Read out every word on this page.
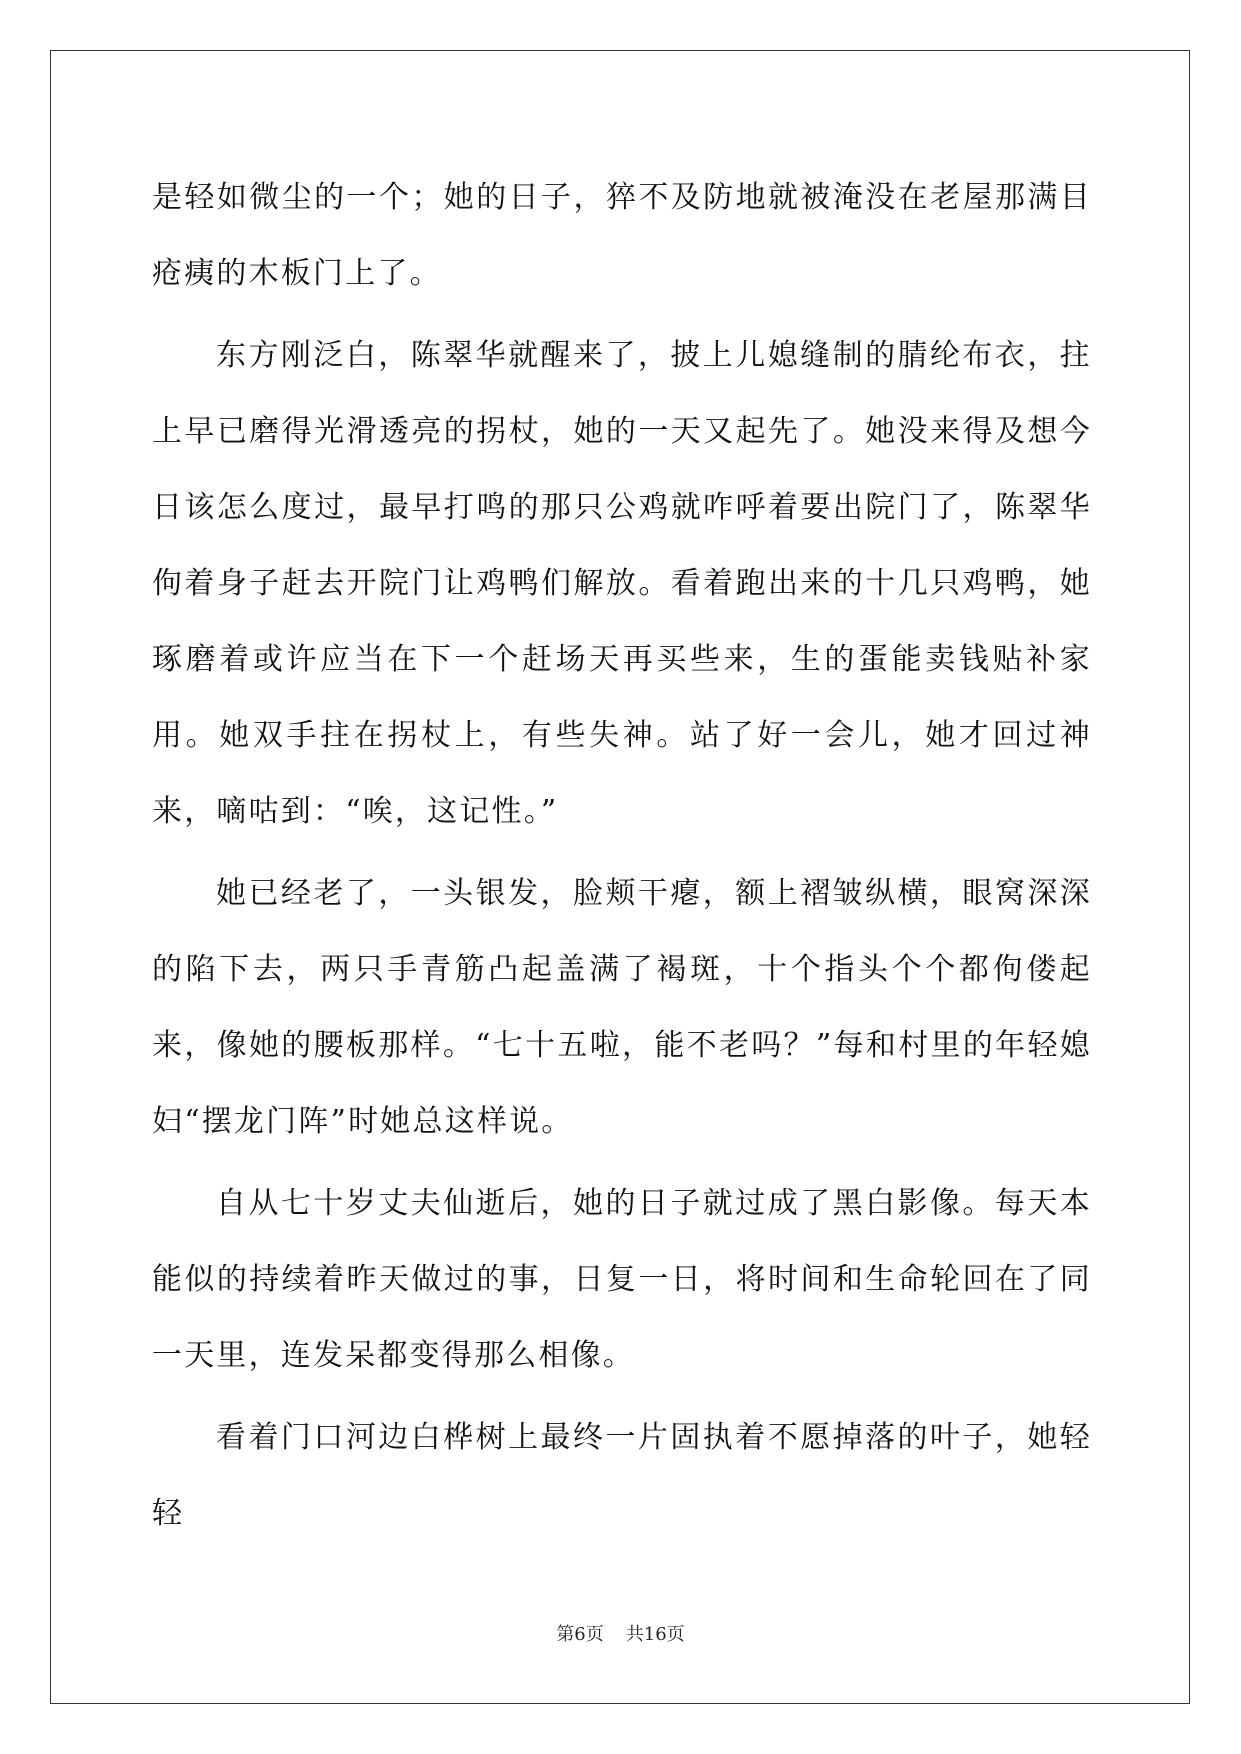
是轻如微尘的一个；她的日子，猝不及防地就被淹没在老屋那满目疮痍的木板门上了。

东方刚泛白，陈翠华就醒来了，披上儿媳缝制的腈纶布衣，拄上早已磨得光滑透亮的拐杖，她的一天又起先了。她没来得及想今日该怎么度过，最早打鸣的那只公鸡就咋呼着要出院门了，陈翠华佝着身子赶去开院门让鸡鸭们解放。看着跑出来的十几只鸡鸭，她琢磨着或许应当在下一个赶场天再买些来，生的蛋能卖钱贴补家用。她双手拄在拐杖上，有些失神。站了好一会儿，她才回过神来，嘀咕到：“唉，这记性。”

她已经老了，一头银发，脸颊干瘪，额上褶皱纵横，眼窝深深的陷下去，两只手青筋凸起盖满了褐斑，十个指头个个都佝偻起来，像她的腰板那样。“七十五啦，能不老吗？”每和村里的年轻媳妇“摆龙门阵”时她总这样说。

自从七十岁丈夫仙逝后，她的日子就过成了黑白影像。每天本能似的持续着昨天做过的事，日复一日，将时间和生命轮回在了同一天里，连发呆都变得那么相像。

看着门口河边白桦树上最终一片固执着不愿掉落的叶子，她轻轻

第6页 共16页
